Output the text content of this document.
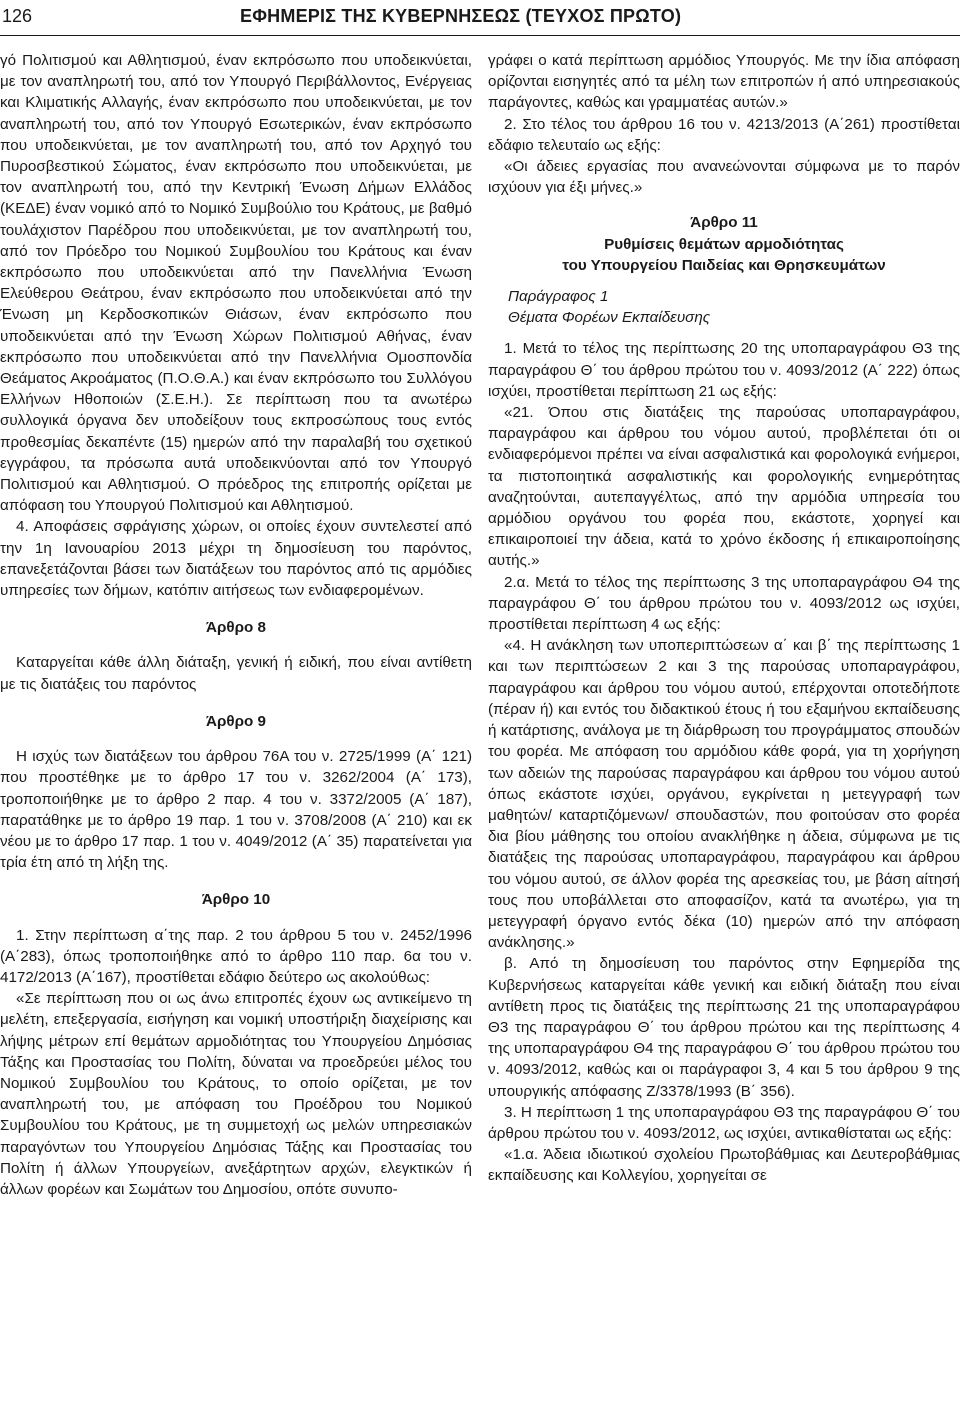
126	ΕΦΗΜΕΡΙΣ ΤΗΣ ΚΥΒΕΡΝΗΣΕΩΣ (ΤΕΥΧΟΣ ΠΡΩΤΟ)

γό Πολιτισμού και Αθλητισμού, έναν εκπρόσωπο που υποδεικνύεται, με τον αναπληρωτή του, από τον Υπουργό Περιβάλλοντος, Ενέργειας και Κλιματικής Αλλαγής, έναν εκπρόσωπο που υποδεικνύεται, με τον αναπληρωτή του, από τον Υπουργό Εσωτερικών, έναν εκπρόσωπο που υποδεικνύεται, με τον αναπληρωτή του, από τον Αρχηγό του Πυροσβεστικού Σώματος, έναν εκπρόσωπο που υποδεικνύεται, με τον αναπληρωτή του, από την Κεντρική Ένωση Δήμων Ελλάδος (ΚΕΔΕ) έναν νομικό από το Νομικό Συμβούλιο του Κράτους, με βαθμό τουλάχιστον Παρέδρου που υποδεικνύεται, με τον αναπληρωτή του, από τον Πρόεδρο του Νομικού Συμβουλίου του Κράτους και έναν εκπρόσωπο που υποδεικνύεται από την Πανελλήνια Ένωση Ελεύθερου Θεάτρου, έναν εκπρόσωπο που υποδεικνύεται από την Ένωση μη Κερδοσκοπικών Θιάσων, έναν εκπρόσωπο που υποδεικνύεται από την Ένωση Χώρων Πολιτισμού Αθήνας, έναν εκπρόσωπο που υποδεικνύεται από την Πανελλήνια Ομοσπονδία Θεάματος Ακροάματος (Π.Ο.Θ.Α.) και έναν εκπρόσωπο του Συλλόγου Ελλήνων Ηθοποιών (Σ.Ε.Η.). Σε περίπτωση που τα ανωτέρω συλλογικά όργανα δεν υποδείξουν τους εκπροσώπους τους εντός προθεσμίας δεκαπέντε (15) ημερών από την παραλαβή του σχετικού εγγράφου, τα πρόσωπα αυτά υποδεικνύονται από τον Υπουργό Πολιτισμού και Αθλητισμού. Ο πρόεδρος της επιτροπής ορίζεται με απόφαση του Υπουργού Πολιτισμού και Αθλητισμού.

4. Αποφάσεις σφράγισης χώρων, οι οποίες έχουν συντελεστεί από την 1η Ιανουαρίου 2013 μέχρι τη δημοσίευση του παρόντος, επανεξετάζονται βάσει των διατάξεων του παρόντος από τις αρμόδιες υπηρεσίες των δήμων, κατόπιν αιτήσεως των ενδιαφερομένων.

Άρθρο 8

Καταργείται κάθε άλλη διάταξη, γενική ή ειδική, που είναι αντίθετη με τις διατάξεις του παρόντος

Άρθρο 9

Η ισχύς των διατάξεων του άρθρου 76Α του ν. 2725/1999 (Α΄ 121) που προστέθηκε με το άρθρο 17 του ν. 3262/2004 (Α΄ 173), τροποποιήθηκε με το άρθρο 2 παρ. 4 του ν. 3372/2005 (Α΄ 187), παρατάθηκε με το άρθρο 19 παρ. 1 του ν. 3708/2008 (Α΄ 210) και εκ νέου με το άρθρο 17 παρ. 1 του ν. 4049/2012 (Α΄ 35) παρατείνεται για τρία έτη από τη λήξη της.

Άρθρο 10

1. Στην περίπτωση α΄της παρ. 2 του άρθρου 5 του ν. 2452/1996 (Α΄283), όπως τροποποιήθηκε από το άρθρο 110 παρ. 6α του ν. 4172/2013 (Α΄167), προστίθεται εδάφιο δεύτερο ως ακολούθως:

«Σε περίπτωση που οι ως άνω επιτροπές έχουν ως αντικείμενο τη μελέτη, επεξεργασία, εισήγηση και νομική υποστήριξη διαχείρισης και λήψης μέτρων επί θεμάτων αρμοδιότητας του Υπουργείου Δημόσιας Τάξης και Προστασίας του Πολίτη, δύναται να προεδρεύει μέλος του Νομικού Συμβουλίου του Κράτους, το οποίο ορίζεται, με τον αναπληρωτή του, με απόφαση του Προέδρου του Νομικού Συμβουλίου του Κράτους, με τη συμμετοχή ως μελών υπηρεσιακών παραγόντων του Υπουργείου Δημόσιας Τάξης και Προστασίας του Πολίτη ή άλλων Υπουργείων, ανεξάρτητων αρχών, ελεγκτικών ή άλλων φορέων και Σωμάτων του Δημοσίου, οπότε συνυπο-

γράφει ο κατά περίπτωση αρμόδιος Υπουργός. Με την ίδια απόφαση ορίζονται εισηγητές από τα μέλη των επιτροπών ή από υπηρεσιακούς παράγοντες, καθώς και γραμματέας αυτών.»

2. Στο τέλος του άρθρου 16 του ν. 4213/2013 (Α΄261) προστίθεται εδάφιο τελευταίο ως εξής:

«Οι άδειες εργασίας που ανανεώνονται σύμφωνα με το παρόν ισχύουν για έξι μήνες.»

Άρθρο 11

Ρυθμίσεις θεμάτων αρμοδιότητας

του Υπουργείου Παιδείας και Θρησκευμάτων

Παράγραφος 1

Θέματα Φορέων Εκπαίδευσης

1. Μετά το τέλος της περίπτωσης 20 της υποπαραγράφου Θ3 της παραγράφου Θ΄ του άρθρου πρώτου του ν. 4093/2012 (Α΄ 222) όπως ισχύει, προστίθεται περίπτωση 21 ως εξής:

«21. Όπου στις διατάξεις της παρούσας υποπαραγράφου, παραγράφου και άρθρου του νόμου αυτού, προβλέπεται ότι οι ενδιαφερόμενοι πρέπει να είναι ασφαλιστικά και φορολογικά ενήμεροι, τα πιστοποιητικά ασφαλιστικής και φορολογικής ενημερότητας αναζητούνται, αυτεπαγγέλτως, από την αρμόδια υπηρεσία του αρμόδιου οργάνου του φορέα που, εκάστοτε, χορηγεί και επικαιροποιεί την άδεια, κατά το χρόνο έκδοσης ή επικαιροποίησης αυτής.»

2.α. Μετά το τέλος της περίπτωσης 3 της υποπαραγράφου Θ4 της παραγράφου Θ΄ του άρθρου πρώτου του ν. 4093/2012 ως ισχύει, προστίθεται περίπτωση 4 ως εξής:

«4. Η ανάκληση των υποπεριπτώσεων α΄ και β΄ της περίπτωσης 1 και των περιπτώσεων 2 και 3 της παρούσας υποπαραγράφου, παραγράφου και άρθρου του νόμου αυτού, επέρχονται οποτεδήποτε (πέραν ή) και εντός του διδακτικού έτους ή του εξαμήνου εκπαίδευσης ή κατάρτισης, ανάλογα με τη διάρθρωση του προγράμματος σπουδών του φορέα. Με απόφαση του αρμόδιου κάθε φορά, για τη χορήγηση των αδειών της παρούσας παραγράφου και άρθρου του νόμου αυτού όπως εκάστοτε ισχύει, οργάνου, εγκρίνεται η μετεγγραφή των μαθητών/ καταρτιζόμενων/ σπουδαστών, που φοιτούσαν στο φορέα δια βίου μάθησης του οποίου ανακλήθηκε η άδεια, σύμφωνα με τις διατάξεις της παρούσας υποπαραγράφου, παραγράφου και άρθρου του νόμου αυτού, σε άλλον φορέα της αρεσκείας του, με βάση αίτησή τους που υποβάλλεται στο αποφασίζον, κατά τα ανωτέρω, για τη μετεγγραφή όργανο εντός δέκα (10) ημερών από την απόφαση ανάκλησης.»

β. Από τη δημοσίευση του παρόντος στην Εφημερίδα της Κυβερνήσεως καταργείται κάθε γενική και ειδική διάταξη που είναι αντίθετη προς τις διατάξεις της περίπτωσης 21 της υποπαραγράφου Θ3 της παραγράφου Θ΄ του άρθρου πρώτου και της περίπτωσης 4 της υποπαραγράφου Θ4 της παραγράφου Θ΄ του άρθρου πρώτου του ν. 4093/2012, καθώς και οι παράγραφοι 3, 4 και 5 του άρθρου 9 της υπουργικής απόφασης Ζ/3378/1993 (Β΄ 356).

3. Η περίπτωση 1 της υποπαραγράφου Θ3 της παραγράφου Θ΄ του άρθρου πρώτου του ν. 4093/2012, ως ισχύει, αντικαθίσταται ως εξής:

«1.α. Άδεια ιδιωτικού σχολείου Πρωτοβάθμιας και Δευτεροβάθμιας εκπαίδευσης και Κολλεγίου, χορηγείται σε
